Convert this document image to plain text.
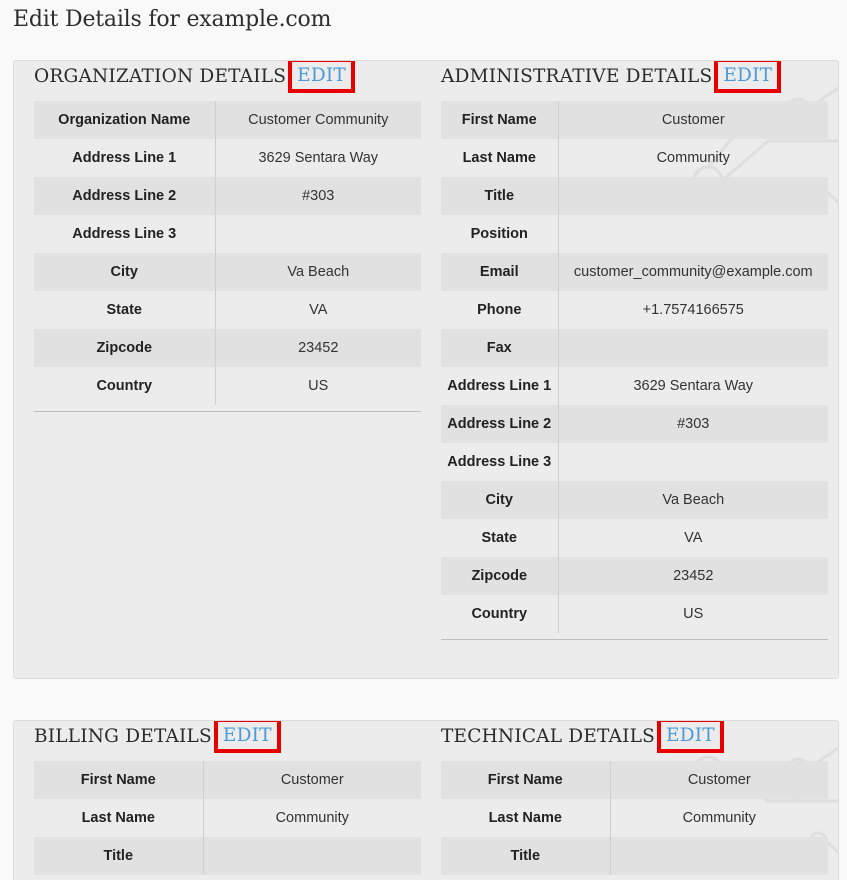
Edit Details for example.com
ORGANIZATION DETAILS EDIT
Organization Name	Customer Community
Address Line 1	3629 Sentara Way
Address Line 2	#303
Address Line 3	
City	Va Beach
State	VA
Zipcode	23452
Country	US
ADMINISTRATIVE DETAILS EDIT
First Name	Customer
Last Name	Community
Title	
Position	
Email	customer_community@example.com
Phone	+1.7574166575
Fax	
Address Line 1	3629 Sentara Way
Address Line 2	#303
Address Line 3	
City	Va Beach
State	VA
Zipcode	23452
Country	US
BILLING DETAILS EDIT
First Name	Customer
Last Name	Community
Title	
TECHNICAL DETAILS EDIT
First Name	Customer
Last Name	Community
Title	
